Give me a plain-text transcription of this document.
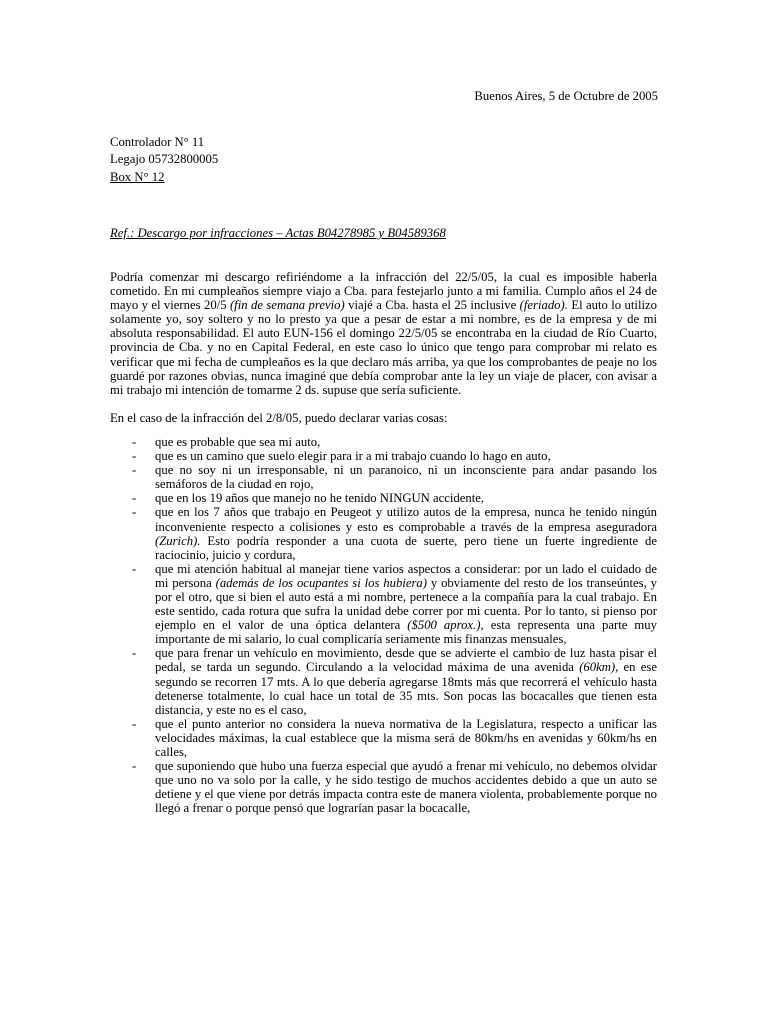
Buenos Aires, 5 de Octubre de 2005
Controlador N° 11
Legajo 05732800005
Box N° 12
Ref.: Descargo por infracciones – Actas B04278985 y B04589368

Podría comenzar mi descargo refiriéndome a la infracción del 22/5/05, la cual es imposible haberla cometido. En mi cumpleaños siempre viajo a Cba. para festejarlo junto a mi familia. Cumplo años el 24 de mayo y el viernes 20/5 (fin de semana previo) viajé a Cba. hasta el 25 inclusive (feriado). El auto lo utilizo solamente yo, soy soltero y no lo presto ya que a pesar de estar a mi nombre, es de la empresa y de mi absoluta responsabilidad. El auto EUN-156 el domingo 22/5/05 se encontraba en la ciudad de Río Cuarto, provincia de Cba. y no en Capital Federal, en este caso lo único que tengo para comprobar mi relato es verificar que mi fecha de cumpleaños es la que declaro más arriba, ya que los comprobantes de peaje no los guardé por razones obvias, nunca imaginé que debía comprobar ante la ley un viaje de placer, con avisar a mi trabajo mi intención de tomarme 2 ds. supuse que sería suficiente.

En el caso de la infracción del 2/8/05, puedo declarar varias cosas:

- que es probable que sea mi auto,
- que es un camino que suelo elegir para ir a mi trabajo cuando lo hago en auto,
- que no soy ni un irresponsable, ni un paranoico, ni un inconsciente para andar pasando los semáforos de la ciudad en rojo,
- que en los 19 años que manejo no he tenido NINGUN accidente,
- que en los 7 años que trabajo en Peugeot y utilizo autos de la empresa, nunca he tenido ningún inconveniente respecto a colisiones y esto es comprobable a través de la empresa aseguradora (Zurich). Esto podría responder a una cuota de suerte, pero tiene un fuerte ingrediente de raciocinio, juicio y cordura,
- que mi atención habitual al manejar tiene varios aspectos a considerar: por un lado el cuidado de mi persona (además de los ocupantes si los hubiera) y obviamente del resto de los transeúntes, y por el otro, que si bien el auto está a mi nombre, pertenece a la compañía para la cual trabajo. En este sentido, cada rotura que sufra la unidad debe correr por mi cuenta. Por lo tanto, si pienso por ejemplo en el valor de una óptica delantera ($500 aprox.), esta representa una parte muy importante de mi salario, lo cual complicaría seriamente mis finanzas mensuales,
- que para frenar un vehículo en movimiento, desde que se advierte el cambio de luz hasta pisar el pedal, se tarda un segundo. Circulando a la velocidad máxima de una avenida (60km), en ese segundo se recorren 17 mts. A lo que debería agregarse 18mts más que recorrerá el vehículo hasta detenerse totalmente, lo cual hace un total de 35 mts. Son pocas las bocacalles que tienen esta distancia, y este no es el caso,
- que el punto anterior no considera la nueva normativa de la Legislatura, respecto a unificar las velocidades máximas, la cual establece que la misma será de 80km/hs en avenidas y 60km/hs en calles,
- que suponiendo que hubo una fuerza especial que ayudó a frenar mi vehículo, no debemos olvidar que uno no va solo por la calle, y he sido testigo de muchos accidentes debido a que un auto se detiene y el que viene por detrás impacta contra este de manera violenta, probablemente porque no llegó a frenar o porque pensó que lograrían pasar la bocacalle,
